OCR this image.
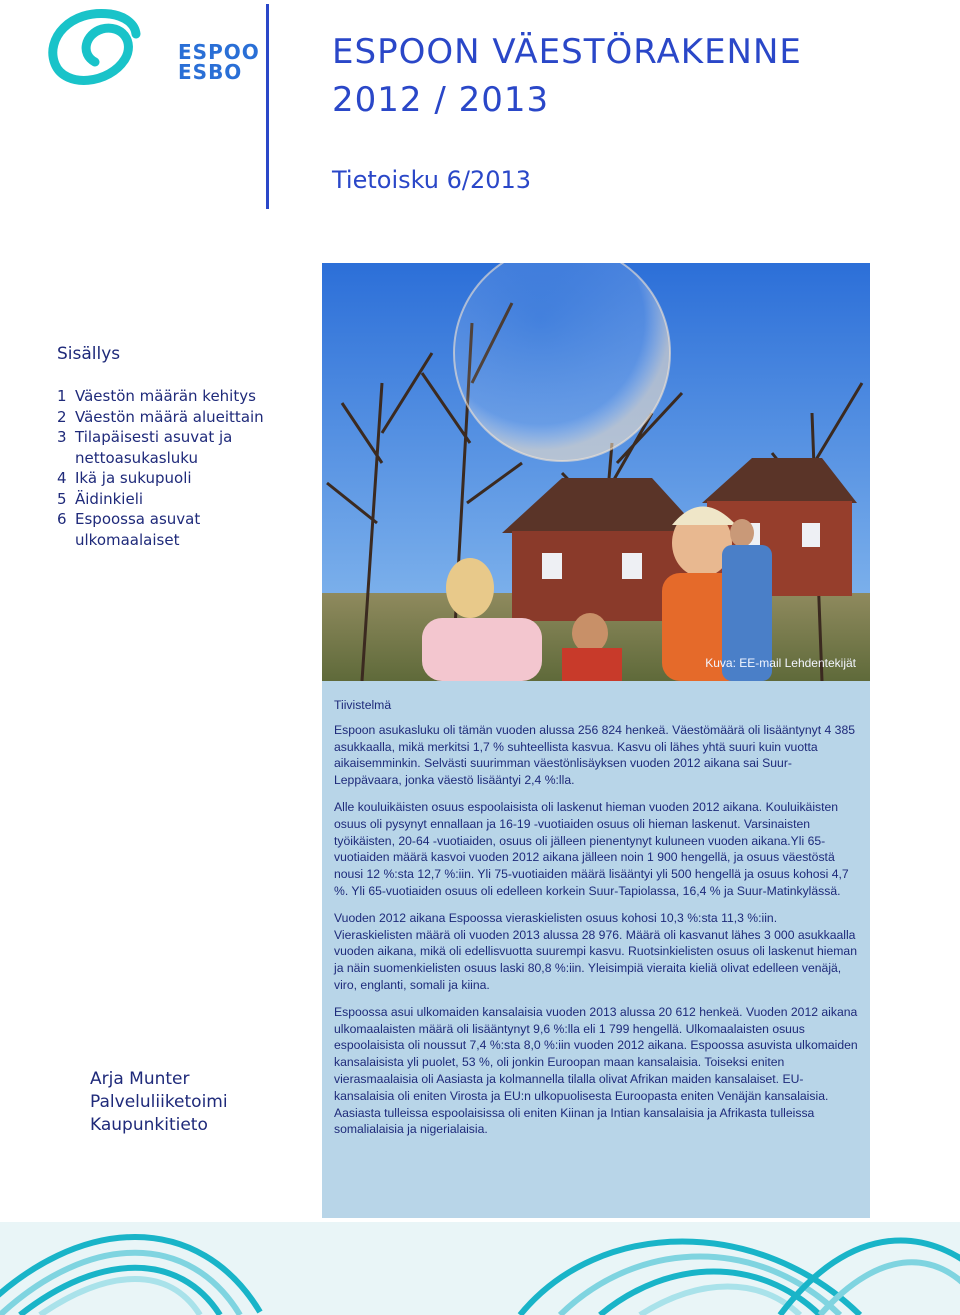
ESPOO
ESBO	ESPOON VÄESTÖRAKENNE
2012 / 2013
Tietoisku 6/2013
Sisällys
1 Väestön määrän kehitys
2 Väestön määrä alueittain
3 Tilapäisesti asuvat ja nettoasukasluku
4 Ikä ja sukupuoli
5 Äidinkieli
6 Espoossa asuvat ulkomaalaiset
Arja Munter
Palveluliiketoimi
Kaupunkitieto
Kuva: EE-mail Lehdentekijät

Tiivistelmä

Espoon asukasluku oli tämän vuoden alussa 256 824 henkeä. Väestömäärä oli lisääntynyt 4 385 asukkaalla, mikä merkitsi 1,7 % suhteellista kasvua. Kasvu oli lähes yhtä suuri kuin vuotta aikaisemminkin. Selvästi suurimman väestönlisäyksen vuoden 2012 aikana sai Suur-Leppävaara, jonka väestö lisääntyi 2,4 %:lla.

Alle kouluikäisten osuus espoolaisista oli laskenut hieman vuoden 2012 aikana. Kouluikäisten osuus oli pysynyt ennallaan ja 16-19 -vuotiaiden osuus oli hieman laskenut. Varsinaisten työikäisten, 20-64 -vuotiaiden, osuus oli jälleen pienentynyt kuluneen vuoden aikana.Yli 65-vuotiaiden määrä kasvoi vuoden 2012 aikana jälleen noin 1 900 hengellä, ja osuus väestöstä nousi 12 %:sta 12,7 %:iin. Yli 75-vuotiaiden määrä lisääntyi yli 500 hengellä ja osuus kohosi 4,7 %. Yli 65-vuotiaiden osuus oli edelleen korkein Suur-Tapiolassa, 16,4 % ja Suur-Matinkylässä.

Vuoden 2012 aikana Espoossa vieraskielisten osuus kohosi 10,3 %:sta 11,3 %:iin. Vieraskielisten määrä oli vuoden 2013 alussa 28 976. Määrä oli kasvanut lähes 3 000 asukkaalla vuoden aikana, mikä oli edellisvuotta suurempi kasvu. Ruotsinkielisten osuus oli laskenut hieman ja näin suomenkielisten osuus laski 80,8 %:iin. Yleisimpiä vieraita kieliä olivat edelleen venäjä, viro, englanti, somali ja kiina.

Espoossa asui ulkomaiden kansalaisia vuoden 2013 alussa 20 612 henkeä. Vuoden 2012 aikana ulkomaalaisten määrä oli lisääntynyt 9,6 %:lla eli 1 799 hengellä. Ulkomaalaisten osuus espoolaisista oli noussut 7,4 %:sta 8,0 %:iin vuoden 2012 aikana. Espoossa asuvista ulkomaiden kansalaisista yli puolet, 53 %, oli jonkin Euroopan maan kansalaisia. Toiseksi eniten vierasmaalaisia oli Aasiasta ja kolmannella tilalla olivat Afrikan maiden kansalaiset. EU-kansalaisia oli eniten Virosta ja EU:n ulkopuolisesta Euroopasta eniten Venäjän kansalaisia. Aasiasta tulleissa espoolaisissa oli eniten Kiinan ja Intian kansalaisia ja Afrikasta tulleissa somalialaisia ja nigerialaisia.
